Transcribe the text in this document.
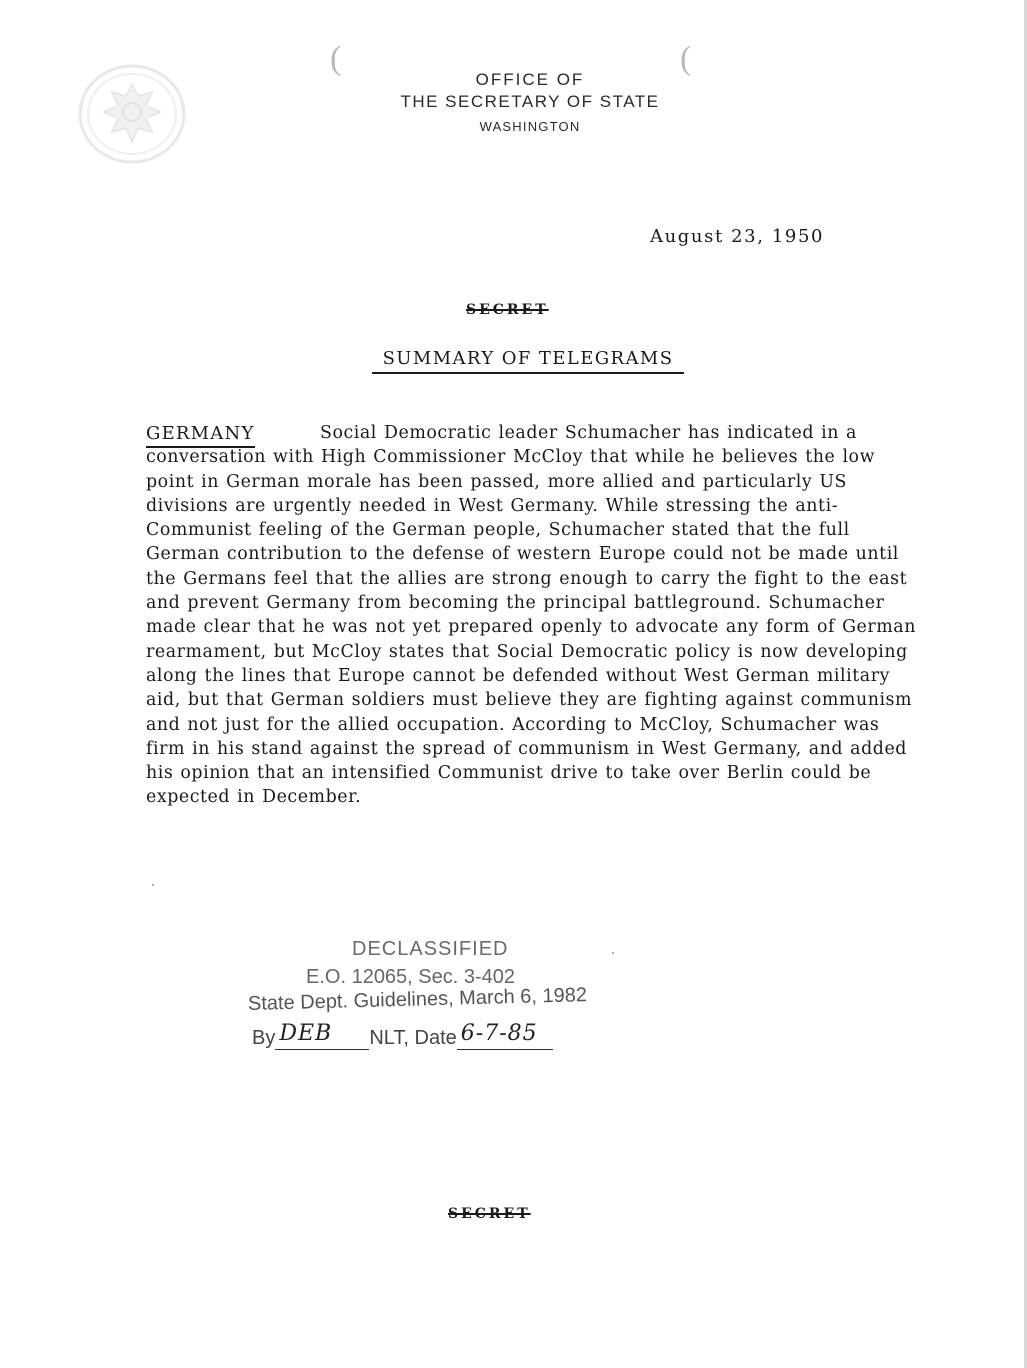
(	(
OFFICE OF
THE SECRETARY OF STATE
WASHINGTON
August 23, 1950
SECRET
SUMMARY OF TELEGRAMS
GERMANY	Social Democratic leader Schumacher has indicated in a conversation with High Commissioner McCloy that while he believes the low point in German morale has been passed, more allied and particularly US divisions are urgently needed in West Germany. While stressing the anti-Communist feeling of the German people, Schumacher stated that the full German contribution to the defense of western Europe could not be made until the Germans feel that the allies are strong enough to carry the fight to the east and prevent Germany from becoming the principal battleground. Schumacher made clear that he was not yet prepared openly to advocate any form of German rearmament, but McCloy states that Social Democratic policy is now developing along the lines that Europe cannot be defended without West German military aid, but that German soldiers must believe they are fighting against communism and not just for the allied occupation. According to McCloy, Schumacher was firm in his stand against the spread of communism in West Germany, and added his opinion that an intensified Communist drive to take over Berlin could be expected in December.
DECLASSIFIED
E.O. 12065, Sec. 3-402
State Dept. Guidelines, March 6, 1982
By DEB NLT, Date 6-7-85
SECRET
